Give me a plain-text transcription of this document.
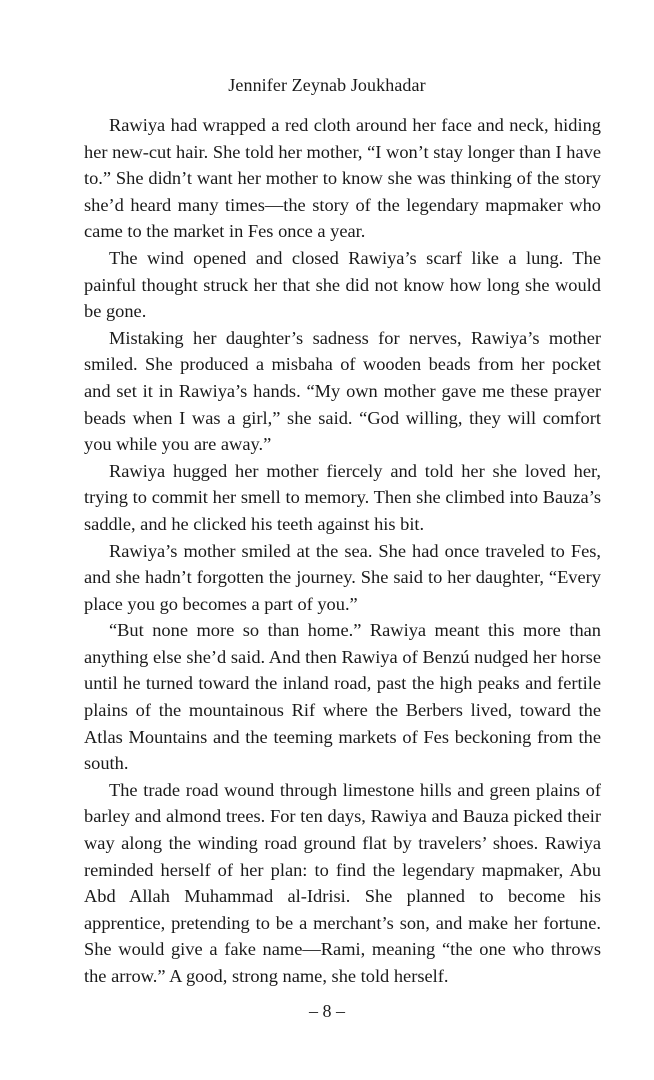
Jennifer Zeynab Joukhadar

Rawiya had wrapped a red cloth around her face and neck, hiding her new-cut hair. She told her mother, “I won’t stay longer than I have to.” She didn’t want her mother to know she was thinking of the story she’d heard many times—the story of the legendary mapmaker who came to the market in Fes once a year.

The wind opened and closed Rawiya’s scarf like a lung. The painful thought struck her that she did not know how long she would be gone.

Mistaking her daughter’s sadness for nerves, Rawiya’s mother smiled. She produced a misbaha of wooden beads from her pocket and set it in Rawiya’s hands. “My own mother gave me these prayer beads when I was a girl,” she said. “God willing, they will comfort you while you are away.”

Rawiya hugged her mother fiercely and told her she loved her, trying to commit her smell to memory. Then she climbed into Bauza’s saddle, and he clicked his teeth against his bit.

Rawiya’s mother smiled at the sea. She had once traveled to Fes, and she hadn’t forgotten the journey. She said to her daughter, “Every place you go becomes a part of you.”

“But none more so than home.” Rawiya meant this more than anything else she’d said. And then Rawiya of Benzú nudged her horse until he turned toward the inland road, past the high peaks and fertile plains of the mountainous Rif where the Berbers lived, toward the Atlas Mountains and the teeming markets of Fes beckoning from the south.

The trade road wound through limestone hills and green plains of barley and almond trees. For ten days, Rawiya and Bauza picked their way along the winding road ground flat by travelers’ shoes. Rawiya reminded herself of her plan: to find the legendary mapmaker, Abu Abd Allah Muhammad al-Idrisi. She planned to become his apprentice, pretending to be a merchant’s son, and make her fortune. She would give a fake name—Rami, meaning “the one who throws the arrow.” A good, strong name, she told herself.

– 8 –
